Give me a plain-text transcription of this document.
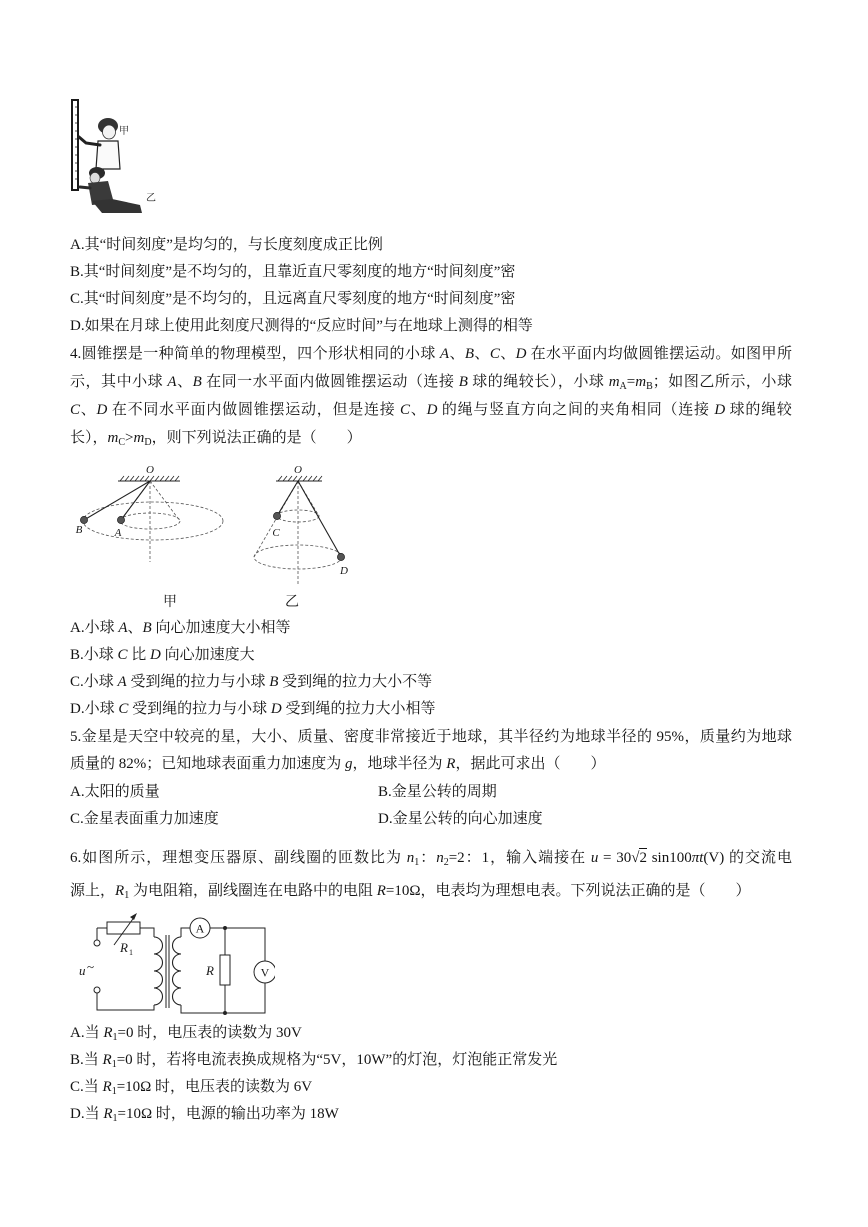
甲
乙
A.其“时间刻度”是均匀的，与长度刻度成正比例
B.其“时间刻度”是不均匀的，且靠近直尺零刻度的地方“时间刻度”密
C.其“时间刻度”是不均匀的，且远离直尺零刻度的地方“时间刻度”密
D.如果在月球上使用此刻度尺测得的“反应时间”与在地球上测得的相等
4.圆锥摆是一种简单的物理模型，四个形状相同的小球 A、B、C、D 在水平面内均做圆锥摆运动。如图甲所
示，其中小球 A、B 在同一水平面内做圆锥摆运动（连接 B 球的绳较长），小球 $m_A=m_B$；如图乙所示，小球
C、D 在不同水平面内做圆锥摆运动，但是连接 C、D 的绳与竖直方向之间的夹角相同（连接 D 球的绳较
长），$m_C>m_D$，则下列说法正确的是（　　）
O
B	A
O
C
D
甲	乙
A.小球 A、B 向心加速度大小相等
B.小球 C 比 D 向心加速度大
C.小球 A 受到绳的拉力与小球 B 受到绳的拉力大小不等
D.小球 C 受到绳的拉力与小球 D 受到绳的拉力大小相等
5.金星是天空中较亮的星，大小、质量、密度非常接近于地球，其半径约为地球半径的 95%，质量约为地球
质量的 82%；已知地球表面重力加速度为 g，地球半径为 R，据此可求出（　　）
A.太阳的质量	B.金星公转的周期
C.金星表面重力加速度	D.金星公转的向心加速度
6.如图所示，理想变压器原、副线圈的匝数比为 $n_1$：$n_2=2$：1，输入端接在 u = 30√2 sin100πt(V) 的交流电
源上，$R_1$ 为电阻箱，副线圈连在电路中的电阻 R=10Ω，电表均为理想电表。下列说法正确的是（　　）
R 1
u ~
A
V
R
A.当 $R_1=0$ 时，电压表的读数为 30V
B.当 $R_1=0$ 时，若将电流表换成规格为“5V，10W”的灯泡，灯泡能正常发光
C.当 $R_1=10\Omega$ 时，电压表的读数为 6V
D.当 $R_1=10\Omega$ 时，电源的输出功率为 18W
